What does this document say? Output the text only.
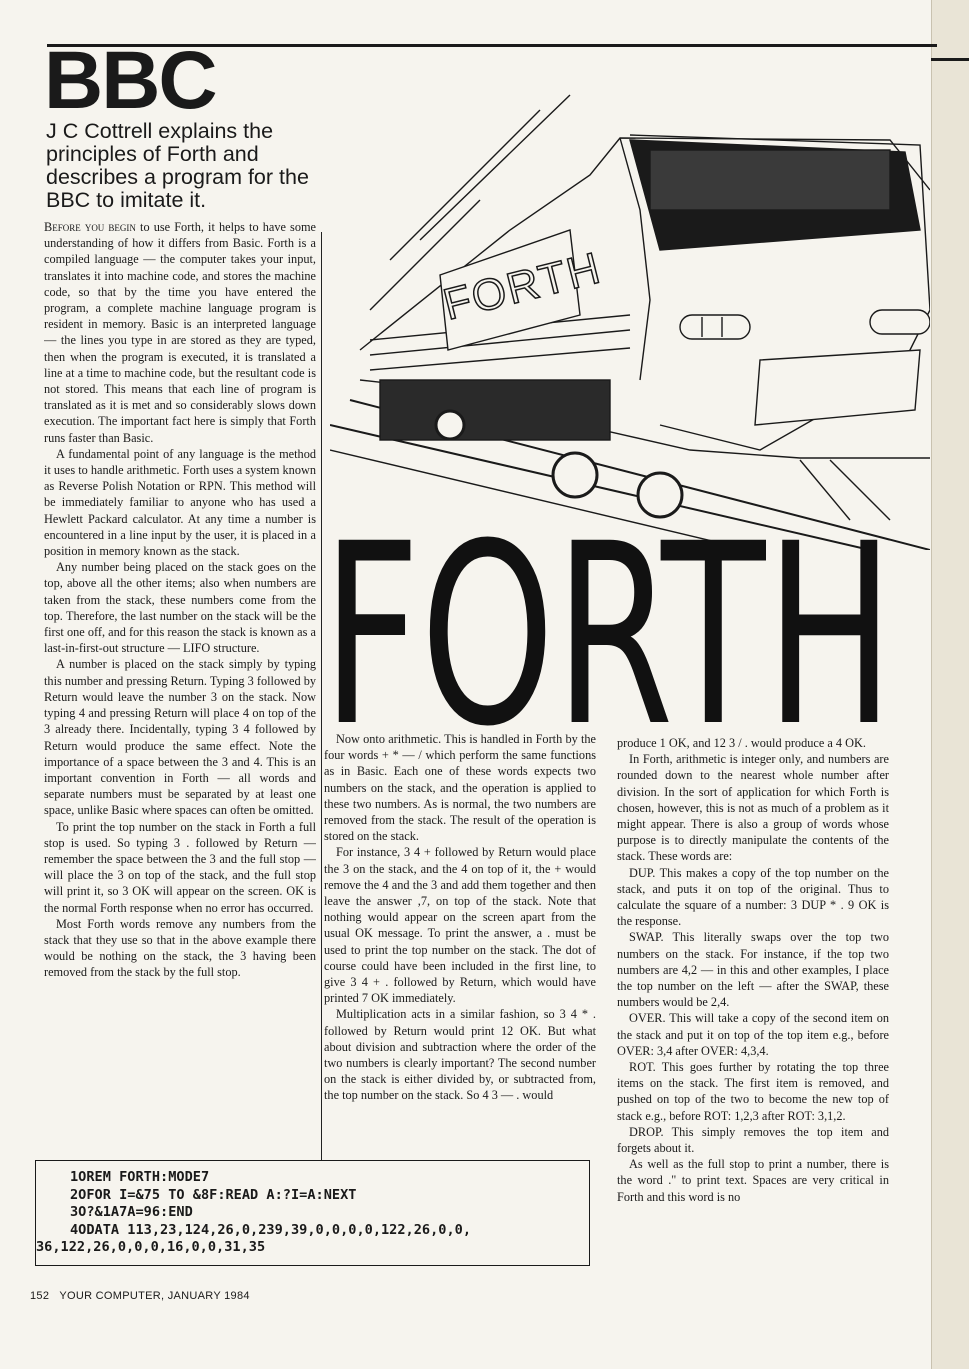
BBC
J C Cottrell explains the principles of Forth and describes a program for the BBC to imitate it.
FORTH
FORTH

Before you begin to use Forth, it helps to have some understanding of how it differs from Basic. Forth is a compiled language — the computer takes your input, translates it into machine code, and stores the machine code, so that by the time you have entered the program, a complete machine language program is resident in memory. Basic is an interpreted language — the lines you type in are stored as they are typed, then when the program is executed, it is translated a line at a time to machine code, but the resultant code is not stored. This means that each line of program is translated as it is met and so considerably slows down execution. The important fact here is simply that Forth runs faster than Basic.

A fundamental point of any language is the method it uses to handle arithmetic. Forth uses a system known as Reverse Polish Notation or RPN. This method will be immediately familiar to anyone who has used a Hewlett Packard calculator. At any time a number is encountered in a line input by the user, it is placed in a position in memory known as the stack.

Any number being placed on the stack goes on the top, above all the other items; also when numbers are taken from the stack, these numbers come from the top. Therefore, the last number on the stack will be the first one off, and for this reason the stack is known as a last-in-first-out structure — LIFO structure.

A number is placed on the stack simply by typing this number and pressing Return. Typing 3 followed by Return would leave the number 3 on the stack. Now typing 4 and pressing Return will place 4 on top of the 3 already there. Incidentally, typing 3 4 followed by Return would produce the same effect. Note the importance of a space between the 3 and 4. This is an important convention in Forth — all words and separate numbers must be separated by at least one space, unlike Basic where spaces can often be omitted.

To print the top number on the stack in Forth a full stop is used. So typing 3 . followed by Return — remember the space between the 3 and the full stop — will place the 3 on top of the stack, and the full stop will print it, so 3 OK will appear on the screen. OK is the normal Forth response when no error has occurred.

Most Forth words remove any numbers from the stack that they use so that in the above example there would be nothing on the stack, the 3 having been removed from the stack by the full stop.

Now onto arithmetic. This is handled in Forth by the four words + * — / which perform the same functions as in Basic. Each one of these words expects two numbers on the stack, and the operation is applied to these two numbers. As is normal, the two numbers are removed from the stack. The result of the operation is stored on the stack.

For instance, 3 4 + followed by Return would place the 3 on the stack, and the 4 on top of it, the + would remove the 4 and the 3 and add them together and then leave the answer ,7, on top of the stack. Note that nothing would appear on the screen apart from the usual OK message. To print the answer, a . must be used to print the top number on the stack. The dot of course could have been included in the first line, to give 3 4 + . followed by Return, which would have printed 7 OK immediately.

Multiplication acts in a similar fashion, so 3 4 * . followed by Return would print 12 OK. But what about division and subtraction where the order of the two numbers is clearly important? The second number on the stack is either divided by, or subtracted from, the top number on the stack. So 4 3 — . would

produce 1 OK, and 12 3 / . would produce a 4 OK.

In Forth, arithmetic is integer only, and numbers are rounded down to the nearest whole number after division. In the sort of application for which Forth is chosen, however, this is not as much of a problem as it might appear. There is also a group of words whose purpose is to directly manipulate the contents of the stack. These words are:

DUP. This makes a copy of the top number on the stack, and puts it on top of the original. Thus to calculate the square of a number: 3 DUP * . 9 OK is the response.

SWAP. This literally swaps over the top two numbers on the stack. For instance, if the top two numbers are 4,2 — in this and other examples, I place the top number on the left — after the SWAP, these numbers would be 2,4.

OVER. This will take a copy of the second item on the stack and put it on top of the top item e.g., before OVER: 3,4 after OVER: 4,3,4.

ROT. This goes further by rotating the top three items on the stack. The first item is removed, and pushed on top of the two to become the new top of stack e.g., before ROT: 1,2,3 after ROT: 3,1,2.

DROP. This simply removes the top item and forgets about it.

As well as the full stop to print a number, there is the word ." to print text. Spaces are very critical in Forth and this word is no

1OREM FORTH:MODE7
2OFOR I=&75 TO &8F:READ A:?I=A:NEXT
3O?&1A7A=96:END
4ODATA 113,23,124,26,0,239,39,0,0,0,0,122,26,0,0,
36,122,26,0,0,0,16,0,0,31,35
152 YOUR COMPUTER, JANUARY 1984
